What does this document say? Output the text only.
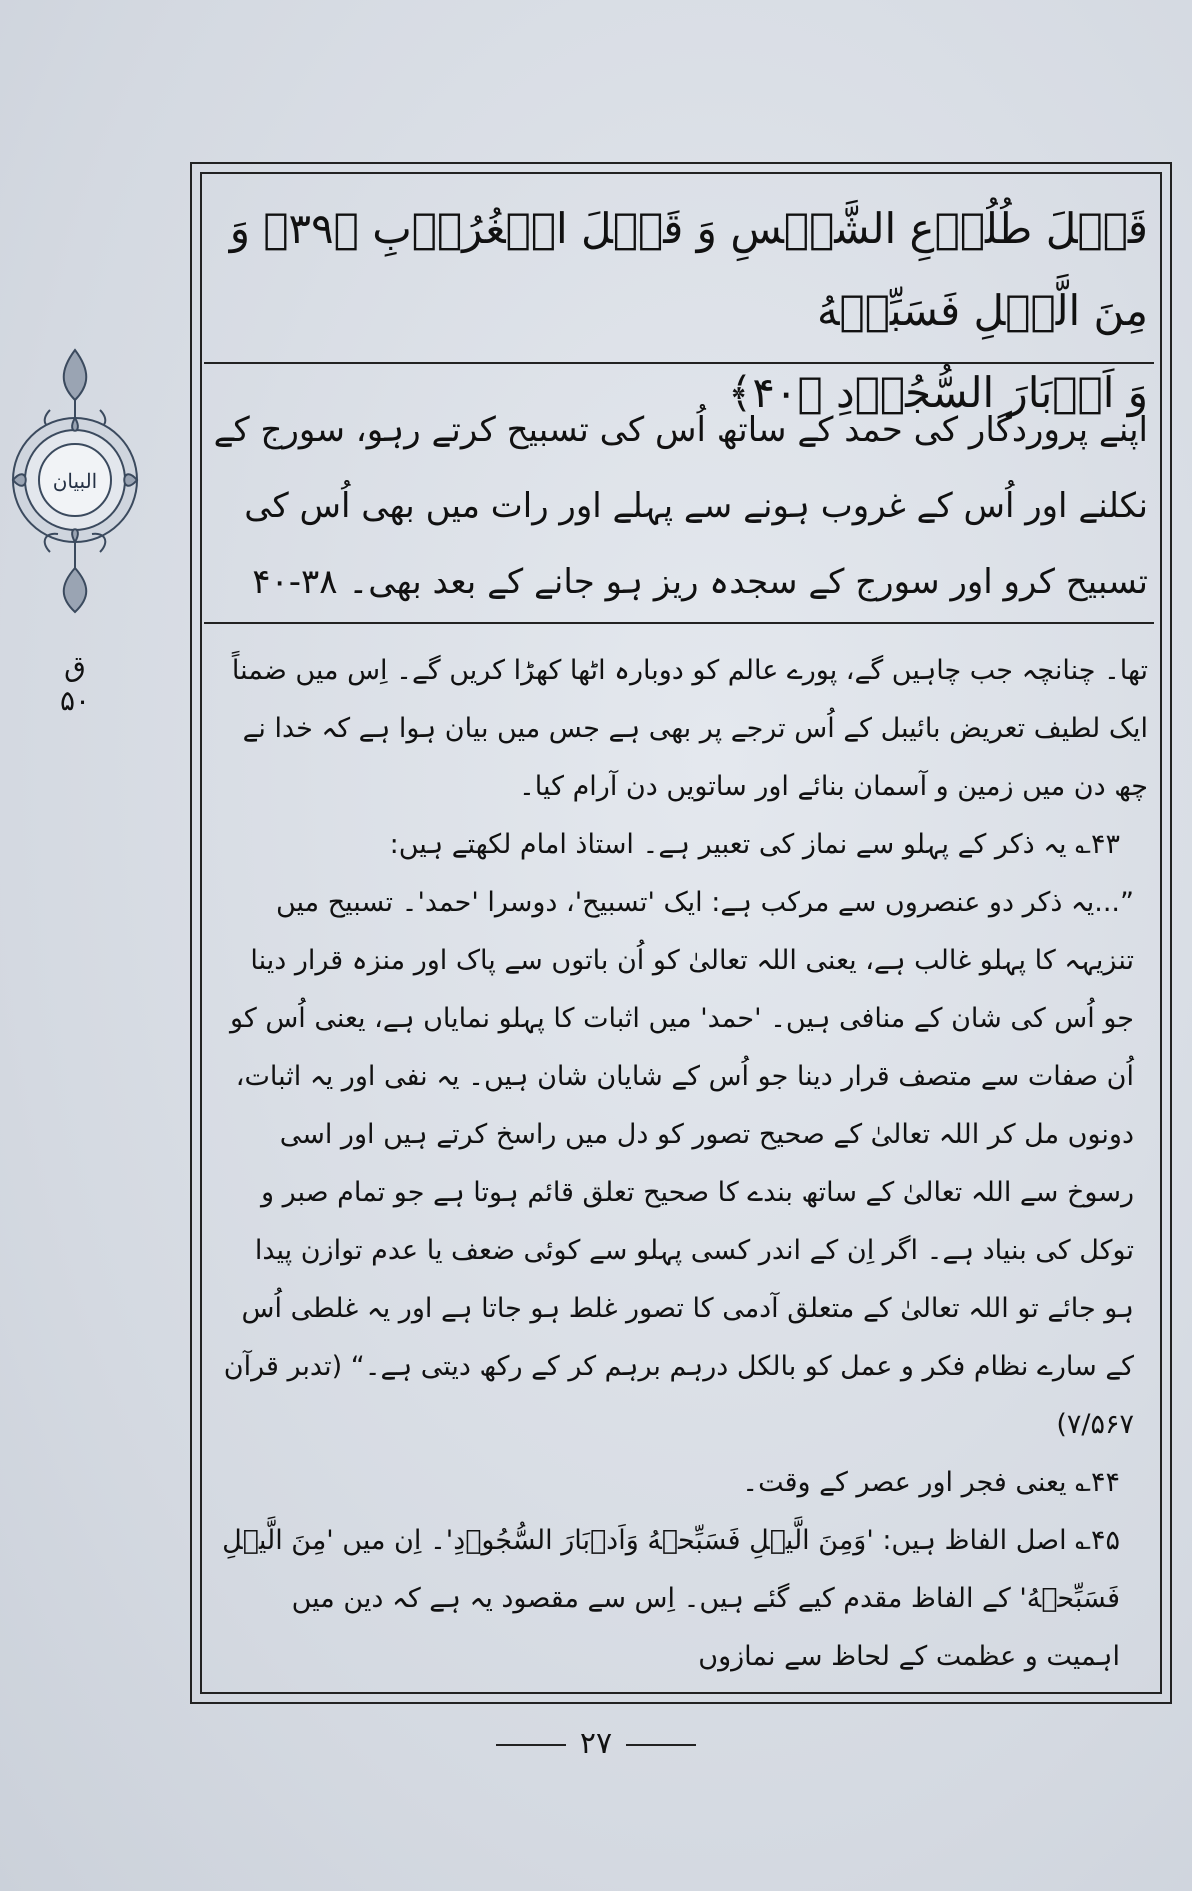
البیان
ق
۵۰
قَبۡلَ طُلُوۡعِ الشَّمۡسِ وَ قَبۡلَ الۡغُرُوۡبِ ﴿۳۹﴾ وَ مِنَ الَّيۡلِ فَسَبِّحۡهُ
وَ اَدۡبَارَ السُّجُوۡدِ ﴿۴۰﴾
اپنے پروردگار کی حمد کے ساتھ اُس کی تسبیح کرتے رہو، سورج کے نکلنے اور اُس کے غروب ہونے سے پہلے اور رات میں بھی اُس کی تسبیح کرو اور سورج کے سجدہ ریز ہو جانے کے بعد بھی۔ ۳۸-۴۰

تھا۔ چنانچہ جب چاہیں گے، پورے عالم کو دوبارہ اٹھا کھڑا کریں گے۔ اِس میں ضمناً ایک لطیف تعریض بائیبل کے اُس ترجے پر بھی ہے جس میں بیان ہوا ہے کہ خدا نے چھ دن میں زمین و آسمان بنائے اور ساتویں دن آرام کیا۔

۴۳؎ یہ ذکر کے پہلو سے نماز کی تعبیر ہے۔ استاذ امام لکھتے ہیں:

”...یہ ذکر دو عنصروں سے مرکب ہے: ایک 'تسبیح'، دوسرا 'حمد'۔ تسبیح میں تنزیہہ کا پہلو غالب ہے، یعنی اللہ تعالیٰ کو اُن باتوں سے پاک اور منزہ قرار دینا جو اُس کی شان کے منافی ہیں۔ 'حمد' میں اثبات کا پہلو نمایاں ہے، یعنی اُس کو اُن صفات سے متصف قرار دینا جو اُس کے شایان شان ہیں۔ یہ نفی اور یہ اثبات، دونوں مل کر اللہ تعالیٰ کے صحیح تصور کو دل میں راسخ کرتے ہیں اور اسی رسوخ سے اللہ تعالیٰ کے ساتھ بندے کا صحیح تعلق قائم ہوتا ہے جو تمام صبر و توکل کی بنیاد ہے۔ اگر اِن کے اندر کسی پہلو سے کوئی ضعف یا عدم توازن پیدا ہو جائے تو اللہ تعالیٰ کے متعلق آدمی کا تصور غلط ہو جاتا ہے اور یہ غلطی اُس کے سارے نظام فکر و عمل کو بالکل درہم برہم کر کے رکھ دیتی ہے۔“ (تدبر قرآن ۷/۵۶۷)

۴۴؎ یعنی فجر اور عصر کے وقت۔

۴۵؎ اصل الفاظ ہیں: 'وَمِنَ الَّيۡلِ فَسَبِّحۡهُ وَاَدۡبَارَ السُّجُوۡدِ'۔ اِن میں 'مِنَ الَّيۡلِ فَسَبِّحۡهُ' کے الفاظ مقدم کیے گئے ہیں۔ اِس سے مقصود یہ ہے کہ دین میں اہمیت و عظمت کے لحاظ سے نمازوں

۲۷
